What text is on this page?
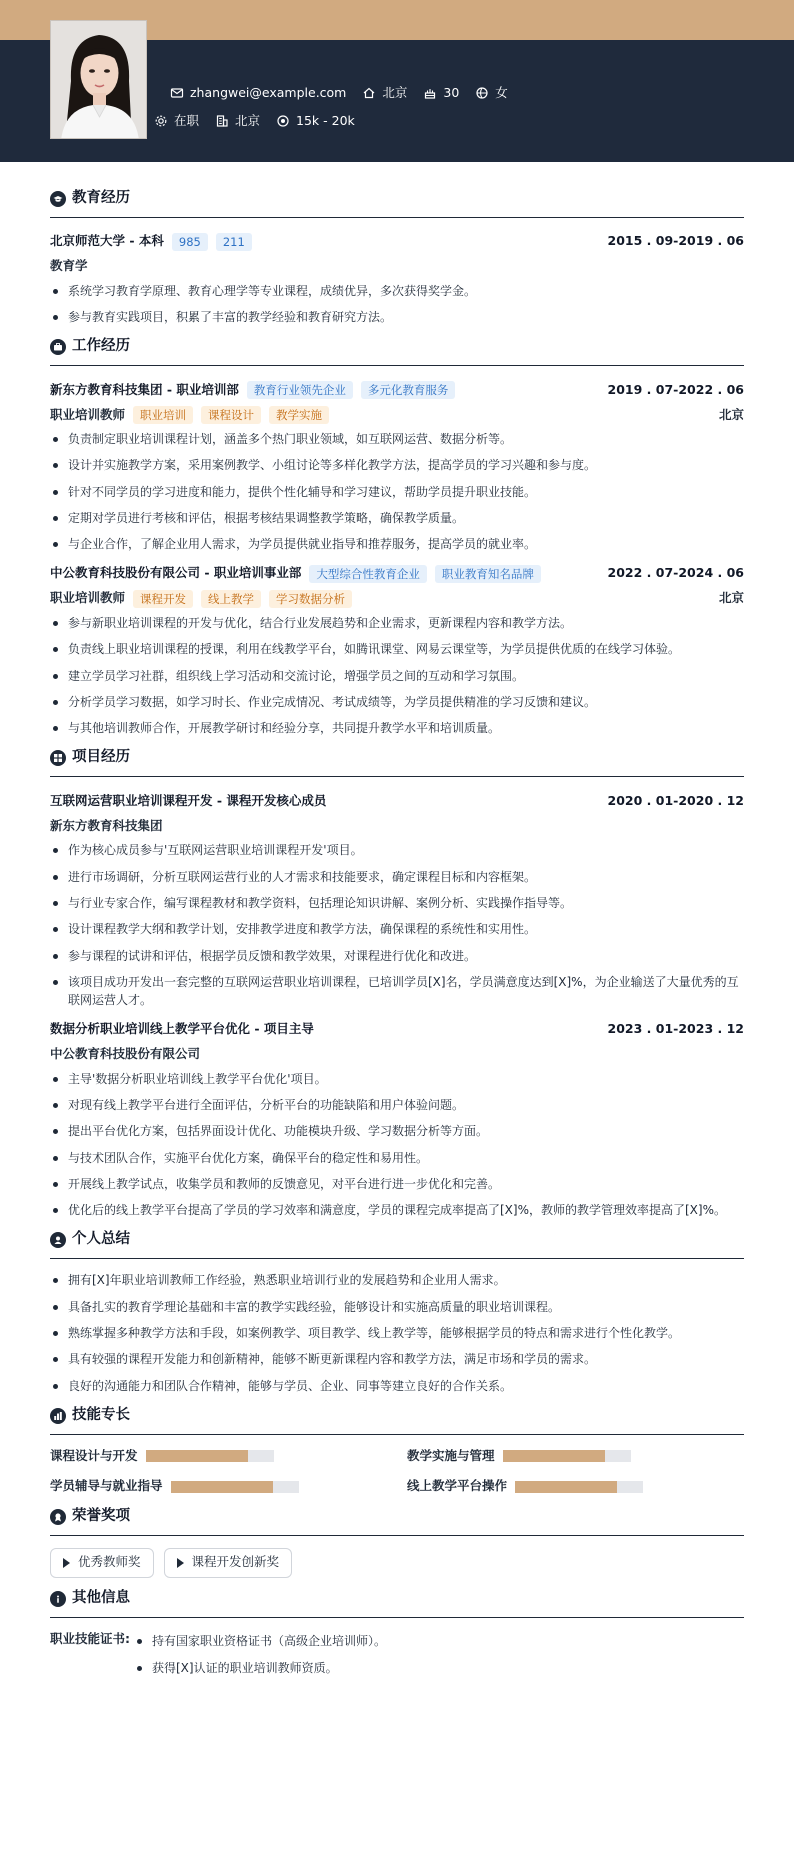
zhangwei@example.com	北京	30	女
在职	北京	15k - 20k
教育经历
北京师范大学 - 本科	985	211	2015 . 09-2019 . 06
教育学
系统学习教育学原理、教育心理学等专业课程，成绩优异，多次获得奖学金。
参与教育实践项目，积累了丰富的教学经验和教育研究方法。
工作经历
新东方教育科技集团 - 职业培训部	教育行业领先企业	多元化教育服务	2019 . 07-2022 . 06
职业培训教师	职业培训	课程设计	教学实施	北京
负责制定职业培训课程计划，涵盖多个热门职业领域，如互联网运营、数据分析等。
设计并实施教学方案，采用案例教学、小组讨论等多样化教学方法，提高学员的学习兴趣和参与度。
针对不同学员的学习进度和能力，提供个性化辅导和学习建议，帮助学员提升职业技能。
定期对学员进行考核和评估，根据考核结果调整教学策略，确保教学质量。
与企业合作，了解企业用人需求，为学员提供就业指导和推荐服务，提高学员的就业率。
中公教育科技股份有限公司 - 职业培训事业部	大型综合性教育企业	职业教育知名品牌	2022 . 07-2024 . 06
职业培训教师	课程开发	线上教学	学习数据分析	北京
参与新职业培训课程的开发与优化，结合行业发展趋势和企业需求，更新课程内容和教学方法。
负责线上职业培训课程的授课，利用在线教学平台，如腾讯课堂、网易云课堂等，为学员提供优质的在线学习体验。
建立学员学习社群，组织线上学习活动和交流讨论，增强学员之间的互动和学习氛围。
分析学员学习数据，如学习时长、作业完成情况、考试成绩等，为学员提供精准的学习反馈和建议。
与其他培训教师合作，开展教学研讨和经验分享，共同提升教学水平和培训质量。
项目经历
互联网运营职业培训课程开发 - 课程开发核心成员	2020 . 01-2020 . 12
新东方教育科技集团
作为核心成员参与'互联网运营职业培训课程开发'项目。
进行市场调研，分析互联网运营行业的人才需求和技能要求，确定课程目标和内容框架。
与行业专家合作，编写课程教材和教学资料，包括理论知识讲解、案例分析、实践操作指导等。
设计课程教学大纲和教学计划，安排教学进度和教学方法，确保课程的系统性和实用性。
参与课程的试讲和评估，根据学员反馈和教学效果，对课程进行优化和改进。
该项目成功开发出一套完整的互联网运营职业培训课程，已培训学员[X]名，学员满意度达到[X]%，为企业输送了大量优秀的互联网运营人才。
数据分析职业培训线上教学平台优化 - 项目主导	2023 . 01-2023 . 12
中公教育科技股份有限公司
主导'数据分析职业培训线上教学平台优化'项目。
对现有线上教学平台进行全面评估，分析平台的功能缺陷和用户体验问题。
提出平台优化方案，包括界面设计优化、功能模块升级、学习数据分析等方面。
与技术团队合作，实施平台优化方案，确保平台的稳定性和易用性。
开展线上教学试点，收集学员和教师的反馈意见，对平台进行进一步优化和完善。
优化后的线上教学平台提高了学员的学习效率和满意度，学员的课程完成率提高了[X]%，教师的教学管理效率提高了[X]%。
个人总结
拥有[X]年职业培训教师工作经验，熟悉职业培训行业的发展趋势和企业用人需求。
具备扎实的教育学理论基础和丰富的教学实践经验，能够设计和实施高质量的职业培训课程。
熟练掌握多种教学方法和手段，如案例教学、项目教学、线上教学等，能够根据学员的特点和需求进行个性化教学。
具有较强的课程开发能力和创新精神，能够不断更新课程内容和教学方法，满足市场和学员的需求。
良好的沟通能力和团队合作精神，能够与学员、企业、同事等建立良好的合作关系。
技能专长
课程设计与开发	教学实施与管理
学员辅导与就业指导	线上教学平台操作
荣誉奖项
优秀教师奖	课程开发创新奖
其他信息
职业技能证书:	持有国家职业资格证书（高级企业培训师）。
获得[X]认证的职业培训教师资质。
